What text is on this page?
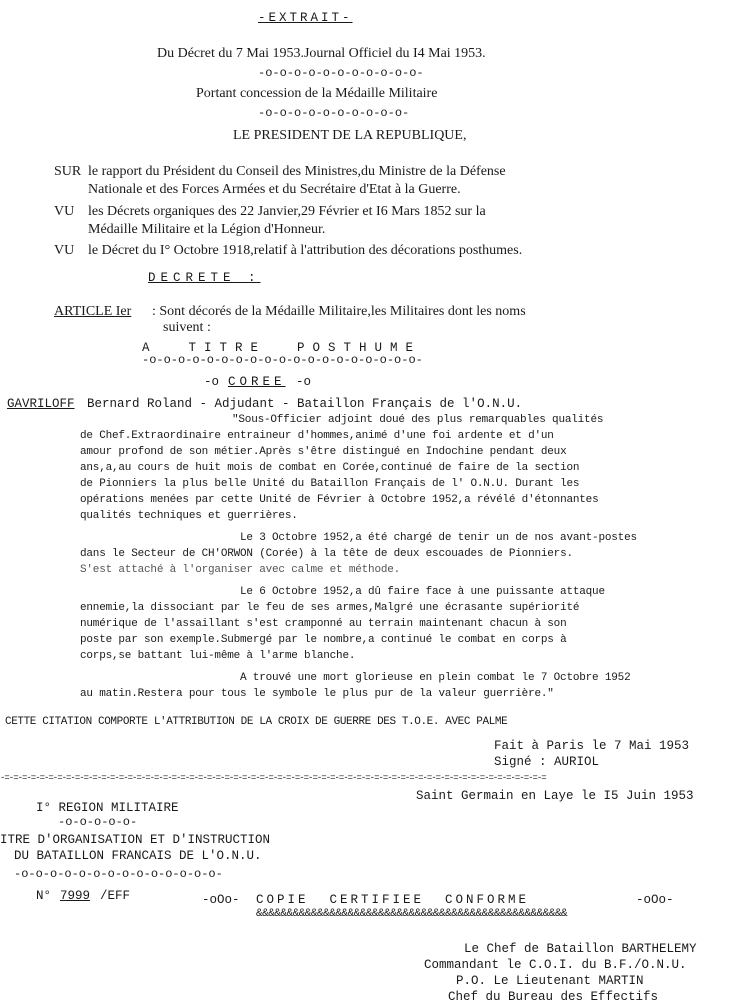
-EXTRAIT-
Du Décret du 7 Mai 1953.Journal Officiel du I4 Mai 1953.
-o-o-o-o-o-o-o-o-o-o-o-
Portant concession de la Médaille Militaire
-o-o-o-o-o-o-o-o-o-o-
LE PRESIDENT DE LA REPUBLIQUE,
SUR le rapport du Président du Conseil des Ministres,du Ministre de la Défense
Nationale et des Forces Armées et du Secrétaire d'Etat à la Guerre.
VU les Décrets organiques des 22 Janvier,29 Février et I6 Mars 1852 sur la
Médaille Militaire et la Légion d'Honneur.
VU le Décret du I° Octobre 1918,relatif à l'attribution des décorations posthumes.
DECRETE :
ARTICLE Ier : Sont décorés de la Médaille Militaire,les Militaires dont les noms
suivent :
A  TITRE  POSTHUME
-o-o-o-o-o-o-o-o-o-o-o-o-o-o-o-o-o-o-o-
-o COREE -o
GAVRILOFF Bernard Roland - Adjudant - Bataillon Français de l'O.N.U.
"Sous-Officier adjoint doué des plus remarquables qualités
de Chef.Extraordinaire entraineur d'hommes,animé d'une foi ardente et d'un
amour profond de son métier.Après s'être distingué en Indochine pendant deux
ans,a,au cours de huit mois de combat en Corée,continué de faire de la section
de Pionniers la plus belle Unité du Bataillon Français de l' O.N.U. Durant les
opérations menées par cette Unité de Février à Octobre 1952,a révélé d'étonnantes
qualités techniques et guerrières.
Le 3 Octobre 1952,a été chargé de tenir un de nos avant-postes
dans le Secteur de CH'ORWON (Corée) à la tête de deux escouades de Pionniers.
S'est attaché à l'organiser avec calme et méthode.
Le 6 Octobre 1952,a dû faire face à une puissante attaque
ennemie,la dissociant par le feu de ses armes,Malgré une écrasante supériorité
numérique de l'assaillant s'est cramponné au terrain maintenant chacun à son
poste par son exemple.Submergé par le nombre,a continué le combat en corps à
corps,se battant lui-même à l'arme blanche.
A trouvé une mort glorieuse en plein combat le 7 Octobre 1952
au matin.Restera pour tous le symbole le plus pur de la valeur guerrière."
CETTE CITATION COMPORTE L'ATTRIBUTION DE LA CROIX DE GUERRE DES T.O.E. AVEC PALME
Fait à Paris le 7 Mai 1953
Signé : AURIOL
-=-=-=-=-=-=-=-=-=-=-=-=-=-=-=-=-=-=-=-=-=-=-=-=-=-=-=-=-=-=-=-=-=-=-=-=-=-=-=-=-=-=-=-=-=-=-=-=-=-=-=-=-=-=-=-=-=-=-=-=-=-=
Saint Germain en Laye le I5 Juin 1953
I° REGION MILITAIRE
-o-o-o-o-o-
ITRE D'ORGANISATION ET D'INSTRUCTION
DU BATAILLON FRANCAIS DE L'O.N.U.
-o-o-o-o-o-o-o-o-o-o-o-o-o-o-
N° 7999 /EFF	-oOo- COPIE  CERTIFIEE  CONFORME	-oOo-
&&&&&&&&&&&&&&&&&&&&&&&&&&&&&&&&&&&&&&&&&&&&&&&&&&&
Le Chef de Bataillon BARTHELEMY
Commandant le C.O.I. du B.F./O.N.U.
P.O. Le Lieutenant MARTIN
Chef du Bureau des Effectifs
